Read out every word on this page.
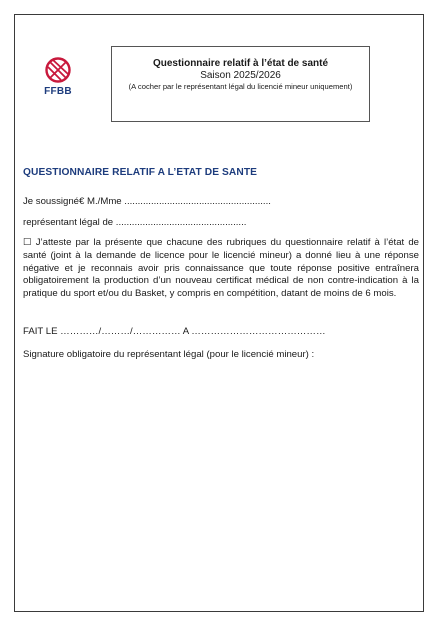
FFBB
Questionnaire relatif à l’état de santé
Saison 2025/2026
(A cocher par le représentant légal du licencié mineur uniquement)
QUESTIONNAIRE RELATIF A L’ETAT DE SANTE
Je soussigné€ M./Mme .......................................................
représentant légal de .................................................
☐ J’atteste par la présente que chacune des rubriques du questionnaire relatif à l’état de santé (joint à la demande de licence pour le licencié mineur) a donné lieu à une réponse négative et je reconnais avoir pris connaissance que toute réponse positive entraînera obligatoirement la production d’un nouveau certificat médical de non contre-indication à la pratique du sport et/ou du Basket, y compris en compétition, datant de moins de 6 mois.
FAIT LE …………/………/…………… A ……………………………………
Signature obligatoire du représentant légal (pour le licencié mineur) :
